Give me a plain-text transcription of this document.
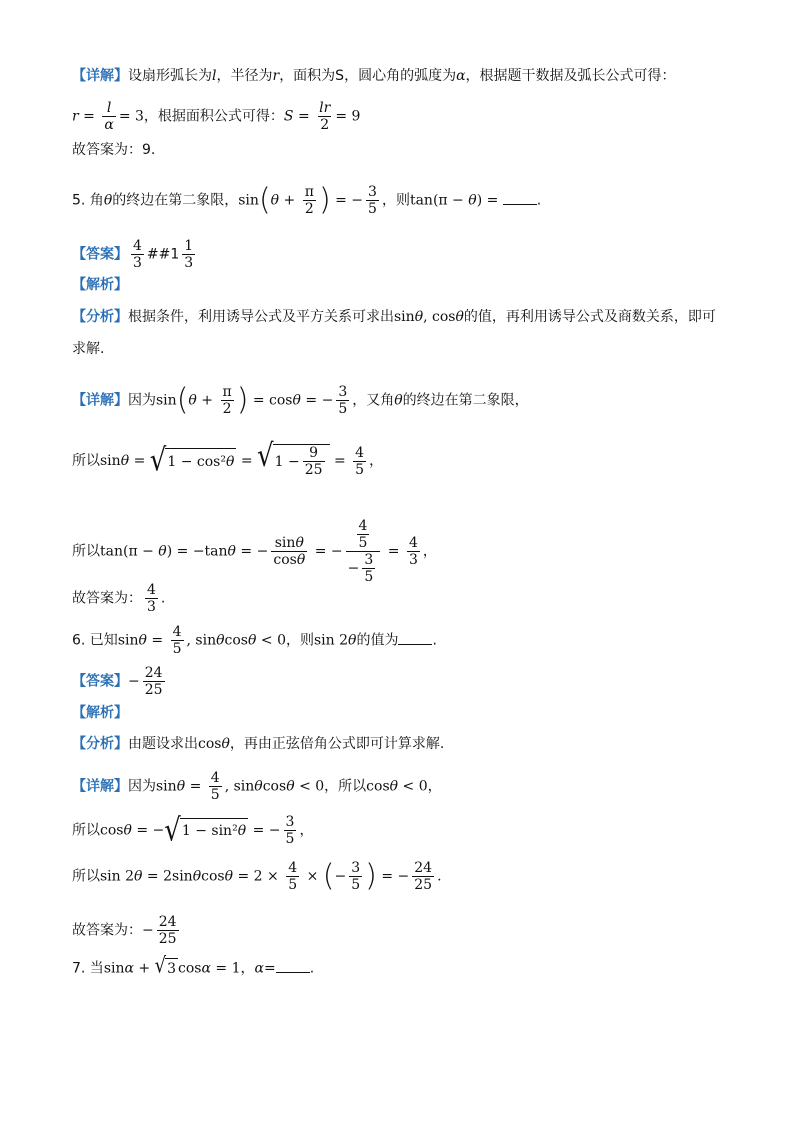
【详解】设扇形弧长为l，半径为r，面积为S，圆心角的弧度为α，根据题干数据及弧长公式可得：
$r = \frac{l}{\alpha} = 3$，根据面积公式可得：$S = \frac{lr}{2} = 9$
故答案为：9.
5. 角θ的终边在第二象限，$\sin(\theta + \frac{\pi}{2}$ ) = − $\frac{3}{5}$ ，则tan(π − θ) = .
【答案】 $\frac{4}{3}$ ##1 $\frac{1}{3}$
【解析】
【分析】根据条件，利用诱导公式及平方关系可求出sinθ, cosθ的值，再利用诱导公式及商数关系，即可
求解.
【详解】因为$\sin(\theta + \frac{\pi}{2}$ ) = cosθ = − $\frac{3}{5}$ ，又角θ的终边在第二象限，
所以sinθ = √ 1 − cos² θ = √ $1 - \frac{9}{25} = \frac{4}{5}$ ，
所以tan(π − θ) = −tanθ = − $\frac{\sin\theta}{\cos\theta}$ = − $\frac{\frac{4}{5}}{- \frac{3}{5}} = \frac{4}{3}$ ，
故答案为： $\frac{4}{3}$ .
6. 已知$\sin\theta = \frac{4}{5}$ , sinθcosθ < 0，则sin 2θ的值为 .
【答案】− $\frac{24}{25}$
【解析】
【分析】由题设求出cosθ，再由正弦倍角公式即可计算求解.
【详解】因为$\sin\theta = \frac{4}{5}$ , sinθcosθ < 0，所以cosθ < 0，
所以cosθ = − √ 1 − sin² θ = − $\frac{3}{5}$ ，
所以$\sin 2\theta = 2\sin\theta\cos\theta = 2 \times \frac{4}{5}$ × (− $\frac{3}{5}$ ) = − $\frac{24}{25}$ .
故答案为：− $\frac{24}{25}$
7. 当sinα + √ 3 cosα = 1，α= .
